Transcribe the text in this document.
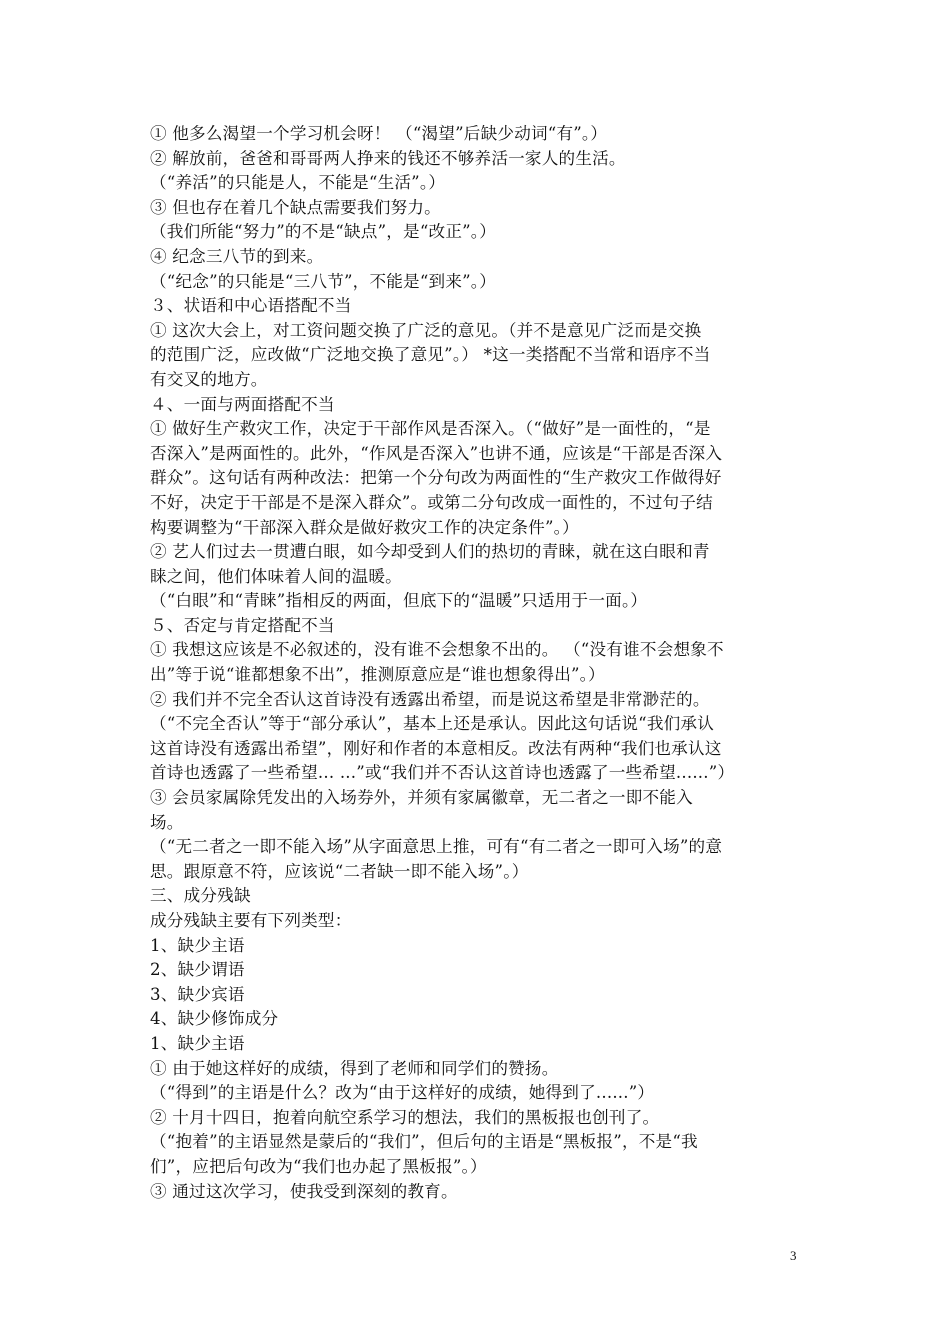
① 他多么渴望一个学习机会呀！ （“渴望”后缺少动词“有”。）
② 解放前，爸爸和哥哥两人挣来的钱还不够养活一家人的生活。
（“养活”的只能是人，不能是“生活”。）
③ 但也存在着几个缺点需要我们努力。
（我们所能“努力”的不是“缺点”，是“改正”。）
④ 纪念三八节的到来。
（“纪念”的只能是“三八节”，不能是“到来”。）
３、状语和中心语搭配不当
① 这次大会上，对工资问题交换了广泛的意见。（并不是意见广泛而是交换
的范围广泛，应改做“广泛地交换了意见”。） *这一类搭配不当常和语序不当
有交叉的地方。
４、一面与两面搭配不当
① 做好生产救灾工作，决定于干部作风是否深入。（“做好”是一面性的，“是
否深入”是两面性的。此外，“作风是否深入”也讲不通，应该是“干部是否深入
群众”。这句话有两种改法：把第一个分句改为两面性的“生产救灾工作做得好
不好，决定于干部是不是深入群众”。或第二分句改成一面性的，不过句子结
构要调整为“干部深入群众是做好救灾工作的决定条件”。）
② 艺人们过去一贯遭白眼，如今却受到人们的热切的青睐，就在这白眼和青
睐之间，他们体味着人间的温暖。
（“白眼”和“青睐”指相反的两面，但底下的“温暖”只适用于一面。）
５、否定与肯定搭配不当
① 我想这应该是不必叙述的，没有谁不会想象不出的。 （“没有谁不会想象不
出”等于说“谁都想象不出”，推测原意应是“谁也想象得出”。）
② 我们并不完全否认这首诗没有透露出希望，而是说这希望是非常渺茫的。
（“不完全否认”等于“部分承认”，基本上还是承认。因此这句话说“我们承认
这首诗没有透露出希望”，刚好和作者的本意相反。改法有两种“我们也承认这
首诗也透露了一些希望... ...”或“我们并不否认这首诗也透露了一些希望......”）
③ 会员家属除凭发出的入场券外，并须有家属徽章，无二者之一即不能入
场。
（“无二者之一即不能入场”从字面意思上推，可有“有二者之一即可入场”的意
思。跟原意不符，应该说“二者缺一即不能入场”。）
三、成分残缺
成分残缺主要有下列类型：
1、缺少主语
2、缺少谓语
3、缺少宾语
4、缺少修饰成分
1、缺少主语
① 由于她这样好的成绩，得到了老师和同学们的赞扬。
（“得到”的主语是什么？改为“由于这样好的成绩，她得到了......”）
② 十月十四日，抱着向航空系学习的想法，我们的黑板报也创刊了。
（“抱着”的主语显然是蒙后的“我们”，但后句的主语是“黑板报”，不是“我
们”，应把后句改为“我们也办起了黑板报”。）
③ 通过这次学习，使我受到深刻的教育。
3
